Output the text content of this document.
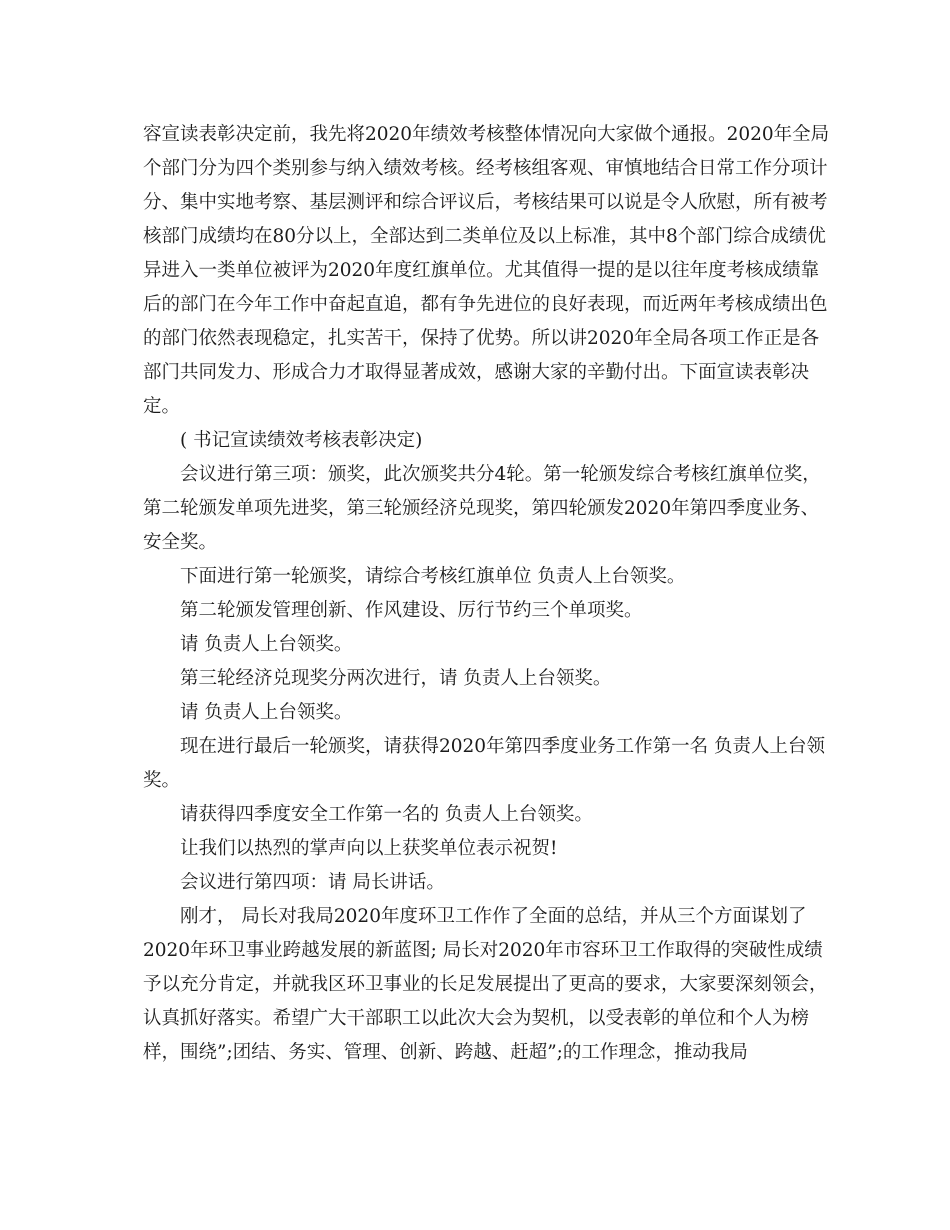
容宣读表彰决定前，我先将2020年绩效考核整体情况向大家做个通报。2020年全局 个部门分为四个类别参与纳入绩效考核。经考核组客观、审慎地结合日常工作分项计分、集中实地考察、基层测评和综合评议后，考核结果可以说是令人欣慰，所有被考核部门成绩均在80分以上，全部达到二类单位及以上标准，其中8个部门综合成绩优异进入一类单位被评为2020年度红旗单位。尤其值得一提的是以往年度考核成绩靠后的部门在今年工作中奋起直追，都有争先进位的良好表现，而近两年考核成绩出色的部门依然表现稳定，扎实苦干，保持了优势。所以讲2020年全局各项工作正是各部门共同发力、形成合力才取得显著成效，感谢大家的辛勤付出。下面宣读表彰决定。

( 书记宣读绩效考核表彰决定)

会议进行第三项：颁奖，此次颁奖共分4轮。第一轮颁发综合考核红旗单位奖，第二轮颁发单项先进奖，第三轮颁经济兑现奖，第四轮颁发2020年第四季度业务、安全奖。

下面进行第一轮颁奖，请综合考核红旗单位 负责人上台领奖。

第二轮颁发管理创新、作风建设、厉行节约三个单项奖。

请 负责人上台领奖。

第三轮经济兑现奖分两次进行，请 负责人上台领奖。

请 负责人上台领奖。

现在进行最后一轮颁奖，请获得2020年第四季度业务工作第一名 负责人上台领奖。

请获得四季度安全工作第一名的 负责人上台领奖。

让我们以热烈的掌声向以上获奖单位表示祝贺!

会议进行第四项：请 局长讲话。

刚才， 局长对我局2020年度环卫工作作了全面的总结，并从三个方面谋划了2020年环卫事业跨越发展的新蓝图; 局长对2020年市容环卫工作取得的突破性成绩予以充分肯定，并就我区环卫事业的长足发展提出了更高的要求，大家要深刻领会，认真抓好落实。希望广大干部职工以此次大会为契机，以受表彰的单位和个人为榜样，围绕”;团结、务实、管理、创新、跨越、赶超”;的工作理念，推动我局
